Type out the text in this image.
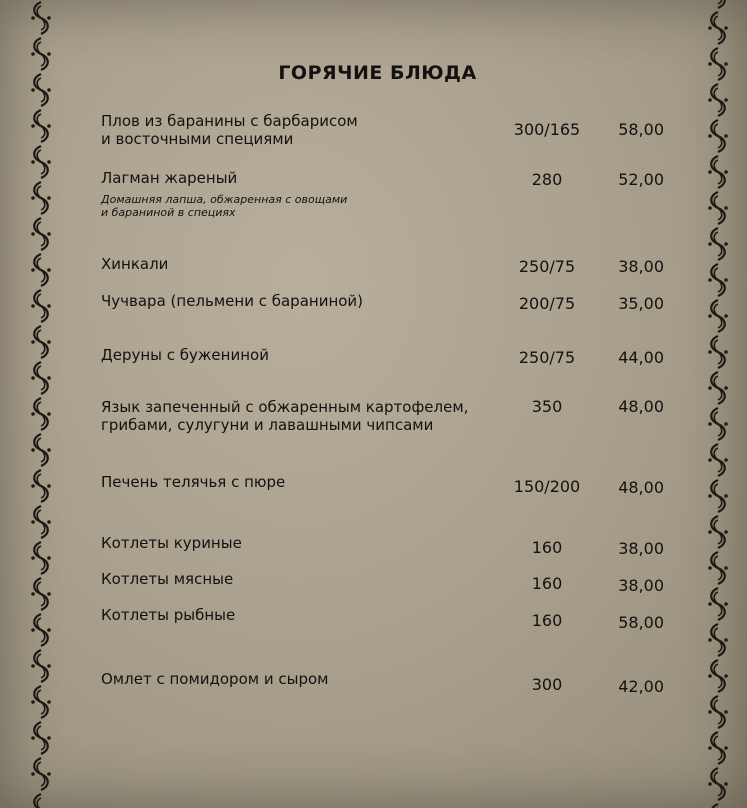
ГОРЯЧИЕ БЛЮДА
Плов из баранины с барбарисом
и восточными специями	300/165	58,00
Лагман жареный
Домашняя лапша, обжаренная с овощами
и бараниной в специях
280	52,00
Хинкали	250/75	38,00
Чучвара (пельмени с бараниной)	200/75	35,00
Деруны с бужениной	250/75	44,00
Язык запеченный с обжаренным картофелем,
грибами, сулугуни и лавашными чипсами
350	48,00
Печень телячья с пюре	150/200	48,00
Котлеты куриные	160	38,00
Котлеты мясные	160	38,00
Котлеты рыбные	160	58,00
Омлет с помидором и сыром	300	42,00
